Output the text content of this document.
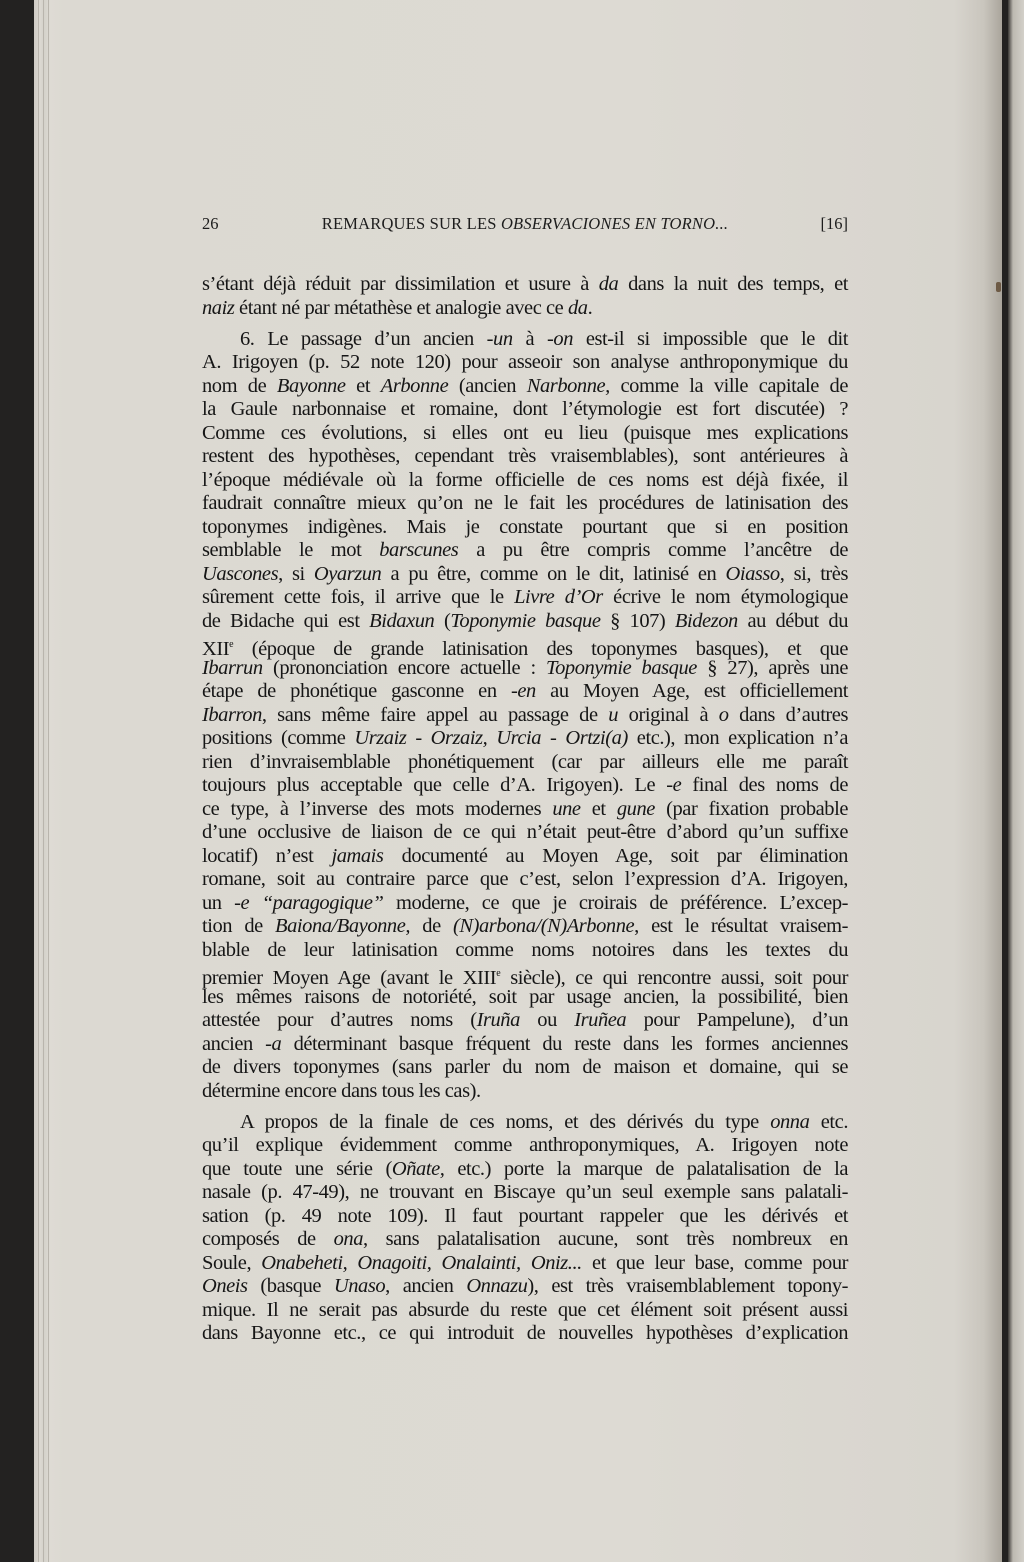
26	REMARQUES SUR LES OBSERVACIONES EN TORNO...	[16]
s’étant déjà réduit par dissimilation et usure à da dans la nuit des temps, et
naiz étant né par métathèse et analogie avec ce da.
6. Le passage d’un ancien -un à -on est-il si impossible que le dit
A. Irigoyen (p. 52 note 120) pour asseoir son analyse anthroponymique du
nom de Bayonne et Arbonne (ancien Narbonne, comme la ville capitale de
la Gaule narbonnaise et romaine, dont l’étymologie est fort discutée) ?
Comme ces évolutions, si elles ont eu lieu (puisque mes explications
restent des hypothèses, cependant très vraisemblables), sont antérieures à
l’époque médiévale où la forme officielle de ces noms est déjà fixée, il
faudrait connaître mieux qu’on ne le fait les procédures de latinisation des
toponymes indigènes. Mais je constate pourtant que si en position
semblable le mot barscunes a pu être compris comme l’ancêtre de
Uascones, si Oyarzun a pu être, comme on le dit, latinisé en Oiasso, si, très
sûrement cette fois, il arrive que le Livre d’Or écrive le nom étymologique
de Bidache qui est Bidaxun (Toponymie basque § 107) Bidezon au début du
XIIe (époque de grande latinisation des toponymes basques), et que
Ibarrun (prononciation encore actuelle : Toponymie basque § 27), après une
étape de phonétique gasconne en -en au Moyen Age, est officiellement
Ibarron, sans même faire appel au passage de u original à o dans d’autres
positions (comme Urzaiz - Orzaiz, Urcia - Ortzi(a) etc.), mon explication n’a
rien d’invraisemblable phonétiquement (car par ailleurs elle me paraît
toujours plus acceptable que celle d’A. Irigoyen). Le -e final des noms de
ce type, à l’inverse des mots modernes une et gune (par fixation probable
d’une occlusive de liaison de ce qui n’était peut-être d’abord qu’un suffixe
locatif) n’est jamais documenté au Moyen Age, soit par élimination
romane, soit au contraire parce que c’est, selon l’expression d’A. Irigoyen,
un -e “paragogique” moderne, ce que je croirais de préférence. L’excep-
tion de Baiona/Bayonne, de (N)arbona/(N)Arbonne, est le résultat vraisem-
blable de leur latinisation comme noms notoires dans les textes du
premier Moyen Age (avant le XIIIe siècle), ce qui rencontre aussi, soit pour
les mêmes raisons de notoriété, soit par usage ancien, la possibilité, bien
attestée pour d’autres noms (Iruña ou Iruñea pour Pampelune), d’un
ancien -a déterminant basque fréquent du reste dans les formes anciennes
de divers toponymes (sans parler du nom de maison et domaine, qui se
détermine encore dans tous les cas).
A propos de la finale de ces noms, et des dérivés du type onna etc.
qu’il explique évidemment comme anthroponymiques, A. Irigoyen note
que toute une série (Oñate, etc.) porte la marque de palatalisation de la
nasale (p. 47-49), ne trouvant en Biscaye qu’un seul exemple sans palatali-
sation (p. 49 note 109). Il faut pourtant rappeler que les dérivés et
composés de ona, sans palatalisation aucune, sont très nombreux en
Soule, Onabeheti, Onagoiti, Onalainti, Oniz... et que leur base, comme pour
Oneis (basque Unaso, ancien Onnazu), est très vraisemblablement topony-
mique. Il ne serait pas absurde du reste que cet élément soit présent aussi
dans Bayonne etc., ce qui introduit de nouvelles hypothèses d’explication
